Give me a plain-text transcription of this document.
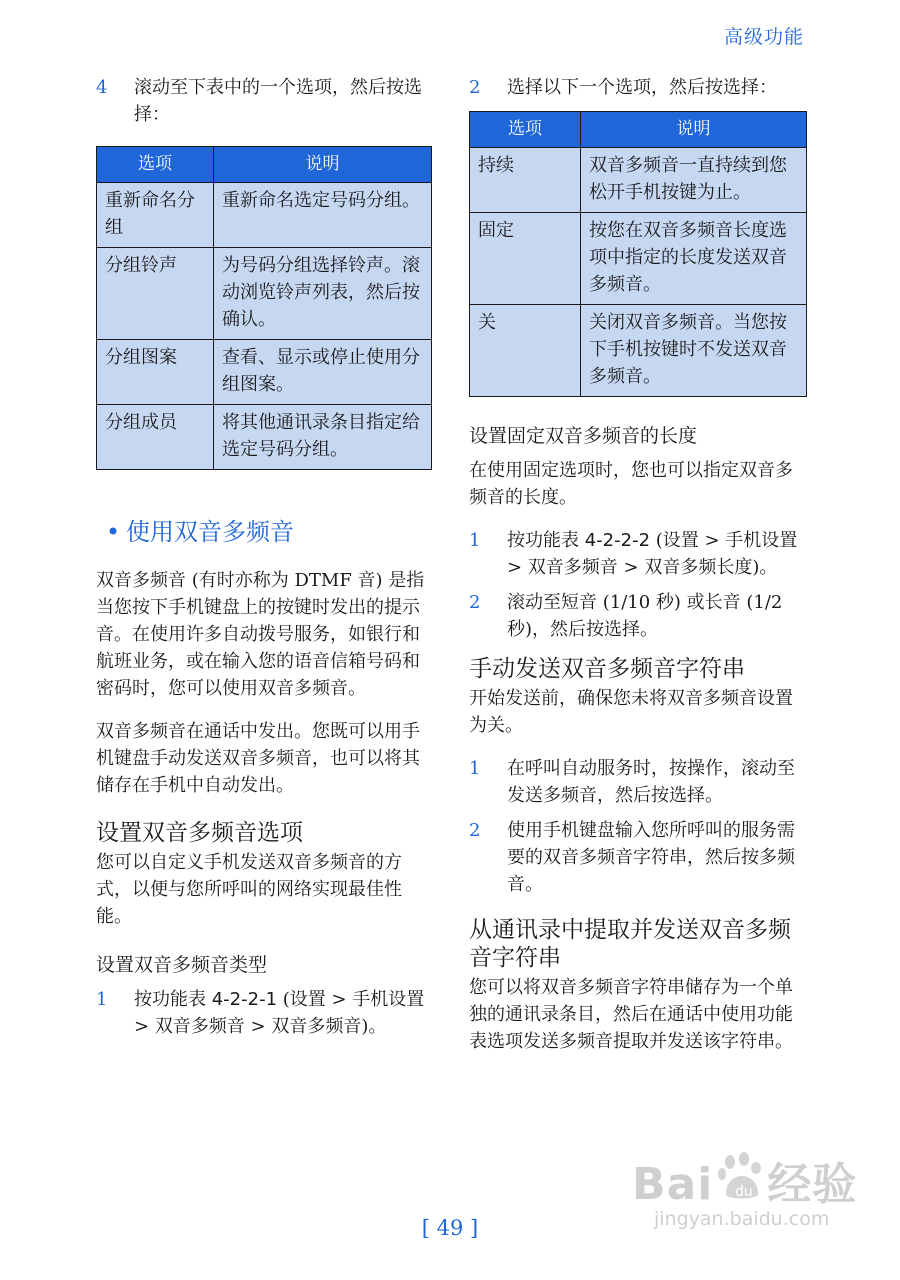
高级功能
4	滚动至下表中的一个选项，然后按选择：
选项	说明
重新命名分组	重新命名选定号码分组。
分组铃声	为号码分组选择铃声。滚动浏览铃声列表，然后按确认。
分组图案	查看、显示或停止使用分组图案。
分组成员	将其他通讯录条目指定给选定号码分组。
• 使用双音多频音

双音多频音 (有时亦称为 DTMF 音) 是指当您按下手机键盘上的按键时发出的提示音。在使用许多自动拨号服务，如银行和航班业务，或在输入您的语音信箱号码和密码时，您可以使用双音多频音。

双音多频音在通话中发出。您既可以用手机键盘手动发送双音多频音，也可以将其储存在手机中自动发出。

设置双音多频音选项

您可以自定义手机发送双音多频音的方式，以便与您所呼叫的网络实现最佳性能。

设置双音多频音类型
1	按功能表 4-2-2-1 (设置 > 手机设置 > 双音多频音 > 双音多频音)。
2	选择以下一个选项，然后按选择：
选项	说明
持续	双音多频音一直持续到您松开手机按键为止。
固定	按您在双音多频音长度选项中指定的长度发送双音多频音。
关	关闭双音多频音。当您按下手机按键时不发送双音多频音。
设置固定双音多频音的长度

在使用固定选项时，您也可以指定双音多频音的长度。

1	按功能表 4-2-2-2 (设置 > 手机设置 > 双音多频音 > 双音多频长度)。
2	滚动至短音 (1/10 秒) 或长音 (1/2 秒)，然后按选择。
手动发送双音多频音字符串

开始发送前，确保您未将双音多频音设置为关。

1	在呼叫自动服务时，按操作，滚动至发送多频音，然后按选择。
2	使用手机键盘输入您所呼叫的服务需要的双音多频音字符串，然后按多频音。
从通讯录中提取并发送双音多频音字符串

您可以将双音多频音字符串储存为一个单独的通讯录条目，然后在通话中使用功能表选项发送多频音提取并发送该字符串。

[ 49 ]
Bai 经验
du
jingyan.baidu.com
